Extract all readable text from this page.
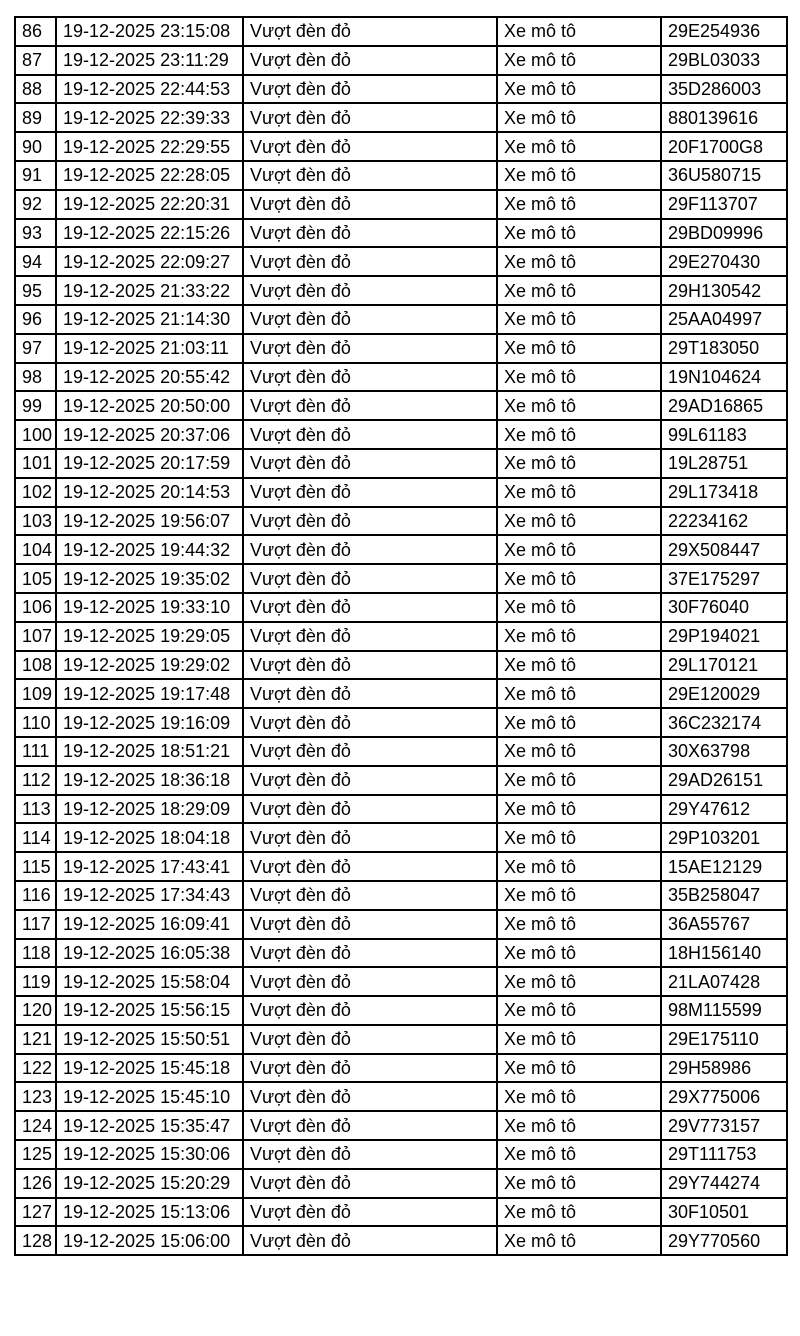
86	19-12-2025 23:15:08	Vượt đèn đỏ	Xe mô tô	29E254936
87	19-12-2025 23:11:29	Vượt đèn đỏ	Xe mô tô	29BL03033
88	19-12-2025 22:44:53	Vượt đèn đỏ	Xe mô tô	35D286003
89	19-12-2025 22:39:33	Vượt đèn đỏ	Xe mô tô	880139616
90	19-12-2025 22:29:55	Vượt đèn đỏ	Xe mô tô	20F1700G8
91	19-12-2025 22:28:05	Vượt đèn đỏ	Xe mô tô	36U580715
92	19-12-2025 22:20:31	Vượt đèn đỏ	Xe mô tô	29F113707
93	19-12-2025 22:15:26	Vượt đèn đỏ	Xe mô tô	29BD09996
94	19-12-2025 22:09:27	Vượt đèn đỏ	Xe mô tô	29E270430
95	19-12-2025 21:33:22	Vượt đèn đỏ	Xe mô tô	29H130542
96	19-12-2025 21:14:30	Vượt đèn đỏ	Xe mô tô	25AA04997
97	19-12-2025 21:03:11	Vượt đèn đỏ	Xe mô tô	29T183050
98	19-12-2025 20:55:42	Vượt đèn đỏ	Xe mô tô	19N104624
99	19-12-2025 20:50:00	Vượt đèn đỏ	Xe mô tô	29AD16865
100	19-12-2025 20:37:06	Vượt đèn đỏ	Xe mô tô	99L61183
101	19-12-2025 20:17:59	Vượt đèn đỏ	Xe mô tô	19L28751
102	19-12-2025 20:14:53	Vượt đèn đỏ	Xe mô tô	29L173418
103	19-12-2025 19:56:07	Vượt đèn đỏ	Xe mô tô	22234162
104	19-12-2025 19:44:32	Vượt đèn đỏ	Xe mô tô	29X508447
105	19-12-2025 19:35:02	Vượt đèn đỏ	Xe mô tô	37E175297
106	19-12-2025 19:33:10	Vượt đèn đỏ	Xe mô tô	30F76040
107	19-12-2025 19:29:05	Vượt đèn đỏ	Xe mô tô	29P194021
108	19-12-2025 19:29:02	Vượt đèn đỏ	Xe mô tô	29L170121
109	19-12-2025 19:17:48	Vượt đèn đỏ	Xe mô tô	29E120029
110	19-12-2025 19:16:09	Vượt đèn đỏ	Xe mô tô	36C232174
111	19-12-2025 18:51:21	Vượt đèn đỏ	Xe mô tô	30X63798
112	19-12-2025 18:36:18	Vượt đèn đỏ	Xe mô tô	29AD26151
113	19-12-2025 18:29:09	Vượt đèn đỏ	Xe mô tô	29Y47612
114	19-12-2025 18:04:18	Vượt đèn đỏ	Xe mô tô	29P103201
115	19-12-2025 17:43:41	Vượt đèn đỏ	Xe mô tô	15AE12129
116	19-12-2025 17:34:43	Vượt đèn đỏ	Xe mô tô	35B258047
117	19-12-2025 16:09:41	Vượt đèn đỏ	Xe mô tô	36A55767
118	19-12-2025 16:05:38	Vượt đèn đỏ	Xe mô tô	18H156140
119	19-12-2025 15:58:04	Vượt đèn đỏ	Xe mô tô	21LA07428
120	19-12-2025 15:56:15	Vượt đèn đỏ	Xe mô tô	98M115599
121	19-12-2025 15:50:51	Vượt đèn đỏ	Xe mô tô	29E175110
122	19-12-2025 15:45:18	Vượt đèn đỏ	Xe mô tô	29H58986
123	19-12-2025 15:45:10	Vượt đèn đỏ	Xe mô tô	29X775006
124	19-12-2025 15:35:47	Vượt đèn đỏ	Xe mô tô	29V773157
125	19-12-2025 15:30:06	Vượt đèn đỏ	Xe mô tô	29T111753
126	19-12-2025 15:20:29	Vượt đèn đỏ	Xe mô tô	29Y744274
127	19-12-2025 15:13:06	Vượt đèn đỏ	Xe mô tô	30F10501
128	19-12-2025 15:06:00	Vượt đèn đỏ	Xe mô tô	29Y770560
